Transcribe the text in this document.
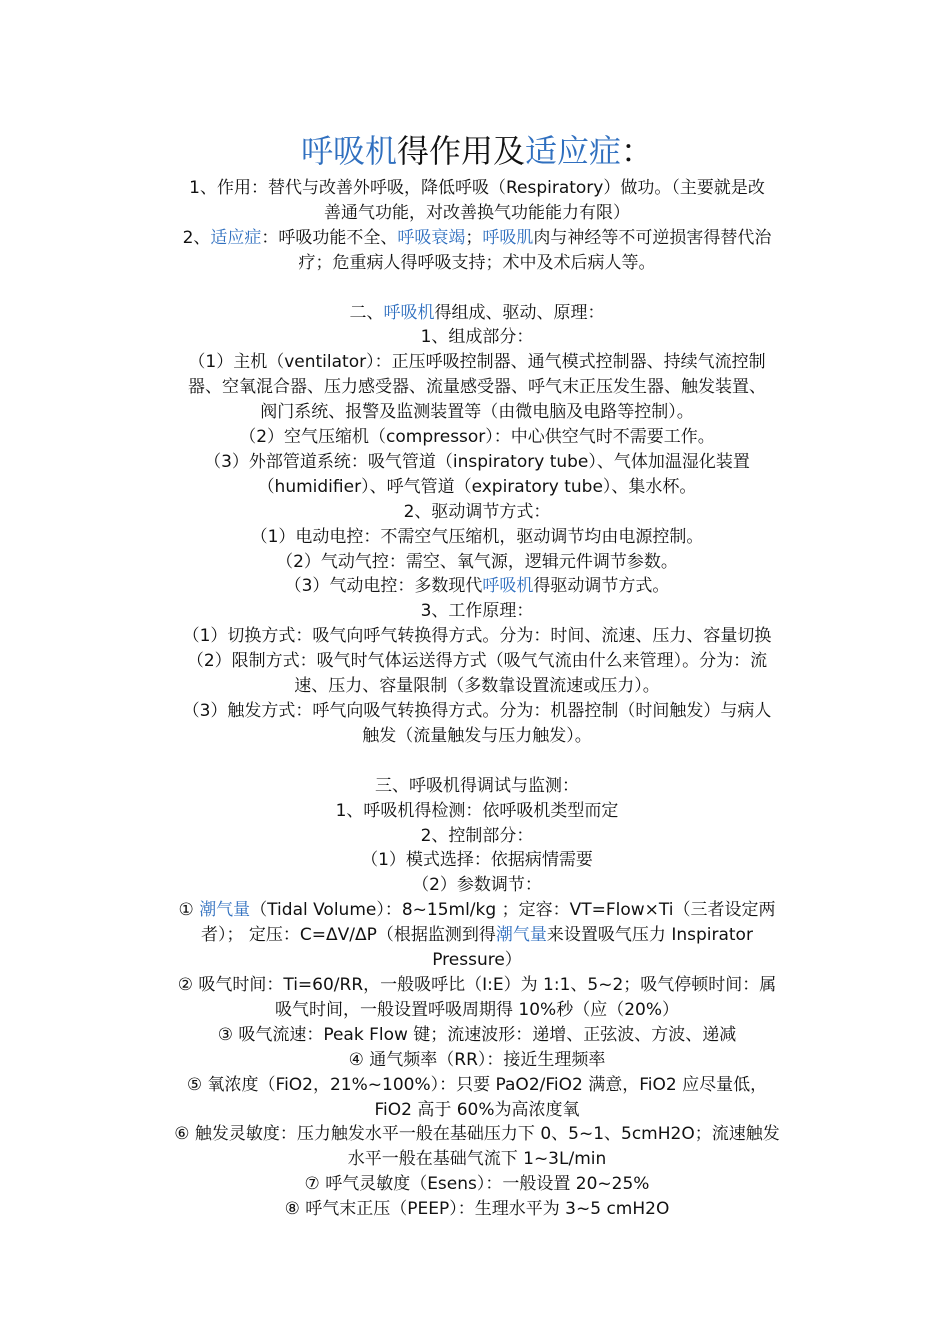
呼吸机得作用及适应症：

1、作用：替代与改善外呼吸，降低呼吸（Respiratory）做功。（主要就是改

善通气功能，对改善换气功能能力有限）

2、适应症：呼吸功能不全、呼吸衰竭；呼吸肌肉与神经等不可逆损害得替代治

疗；危重病人得呼吸支持；术中及术后病人等。

二、呼吸机得组成、驱动、原理：

1、组成部分：

（1）主机（ventilator）：正压呼吸控制器、通气模式控制器、持续气流控制

器、空氧混合器、压力感受器、流量感受器、呼气末正压发生器、触发装置、

阀门系统、报警及监测装置等（由微电脑及电路等控制）。

（2）空气压缩机（compressor）：中心供空气时不需要工作。

（3）外部管道系统：吸气管道（inspiratory tube）、气体加温湿化装置

（humidifier）、呼气管道（expiratory tube）、集水杯。

2、驱动调节方式：

（1）电动电控：不需空气压缩机，驱动调节均由电源控制。

（2）气动气控：需空、氧气源，逻辑元件调节参数。

（3）气动电控：多数现代呼吸机得驱动调节方式。

3、工作原理：

（1）切换方式：吸气向呼气转换得方式。分为：时间、流速、压力、容量切换

（2）限制方式：吸气时气体运送得方式（吸气气流由什么来管理）。分为：流

速、压力、容量限制（多数靠设置流速或压力）。

（3）触发方式：呼气向吸气转换得方式。分为：机器控制（时间触发）与病人

触发（流量触发与压力触发）。

三、呼吸机得调试与监测：

1、呼吸机得检测：依呼吸机类型而定

2、控制部分：

（1）模式选择：依据病情需要

（2）参数调节：

① 潮气量（Tidal Volume）：8~15ml/kg ；定容：VT=Flow×Ti（三者设定两

者）； 定压：C=ΔV/ΔP（根据监测到得潮气量来设置吸气压力 Inspirator

Pressure）

② 吸气时间：Ti=60/RR，一般吸呼比（I:E）为 1:1、5~2；吸气停顿时间：属

吸气时间，一般设置呼吸周期得 10%秒（应（20%）

③ 吸气流速：Peak Flow 键；流速波形：递增、正弦波、方波、递减

④ 通气频率（RR）：接近生理频率

⑤ 氧浓度（FiO2，21%~100%）：只要 PaO2/FiO2 满意，FiO2 应尽量低，

FiO2 高于 60%为高浓度氧

⑥ 触发灵敏度：压力触发水平一般在基础压力下 0、5~1、5cmH2O；流速触发

水平一般在基础气流下 1~3L/min

⑦ 呼气灵敏度（Esens）：一般设置 20~25%

⑧ 呼气末正压（PEEP）：生理水平为 3~5 cmH2O
